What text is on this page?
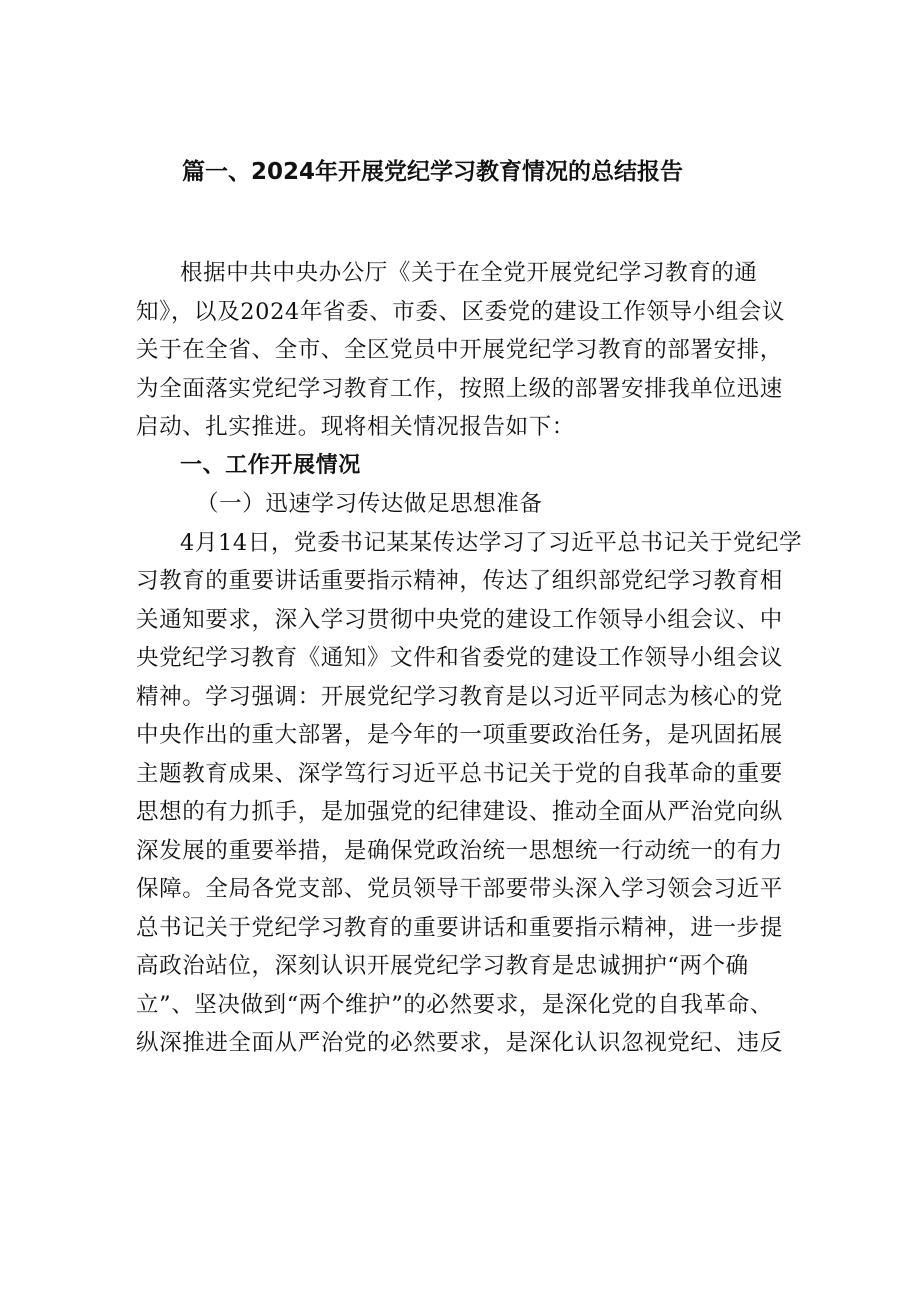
篇一、2024年开展党纪学习教育情况的总结报告
根据中共中央办公厅《关于在全党开展党纪学习教育的通
知》，以及2024年省委、市委、区委党的建设工作领导小组会议
关于在全省、全市、全区党员中开展党纪学习教育的部署安排，
为全面落实党纪学习教育工作，按照上级的部署安排我单位迅速
启动、扎实推进。现将相关情况报告如下：
一、工作开展情况
（一）迅速学习传达做足思想准备
4月14日，党委书记某某传达学习了习近平总书记关于党纪学
习教育的重要讲话重要指示精神，传达了组织部党纪学习教育相
关通知要求，深入学习贯彻中央党的建设工作领导小组会议、中
央党纪学习教育《通知》文件和省委党的建设工作领导小组会议
精神。学习强调：开展党纪学习教育是以习近平同志为核心的党
中央作出的重大部署，是今年的一项重要政治任务，是巩固拓展
主题教育成果、深学笃行习近平总书记关于党的自我革命的重要
思想的有力抓手，是加强党的纪律建设、推动全面从严治党向纵
深发展的重要举措，是确保党政治统一思想统一行动统一的有力
保障。全局各党支部、党员领导干部要带头深入学习领会习近平
总书记关于党纪学习教育的重要讲话和重要指示精神，进一步提
高政治站位，深刻认识开展党纪学习教育是忠诚拥护“两个确
立”、坚决做到“两个维护”的必然要求，是深化党的自我革命、
纵深推进全面从严治党的必然要求，是深化认识忽视党纪、违反
